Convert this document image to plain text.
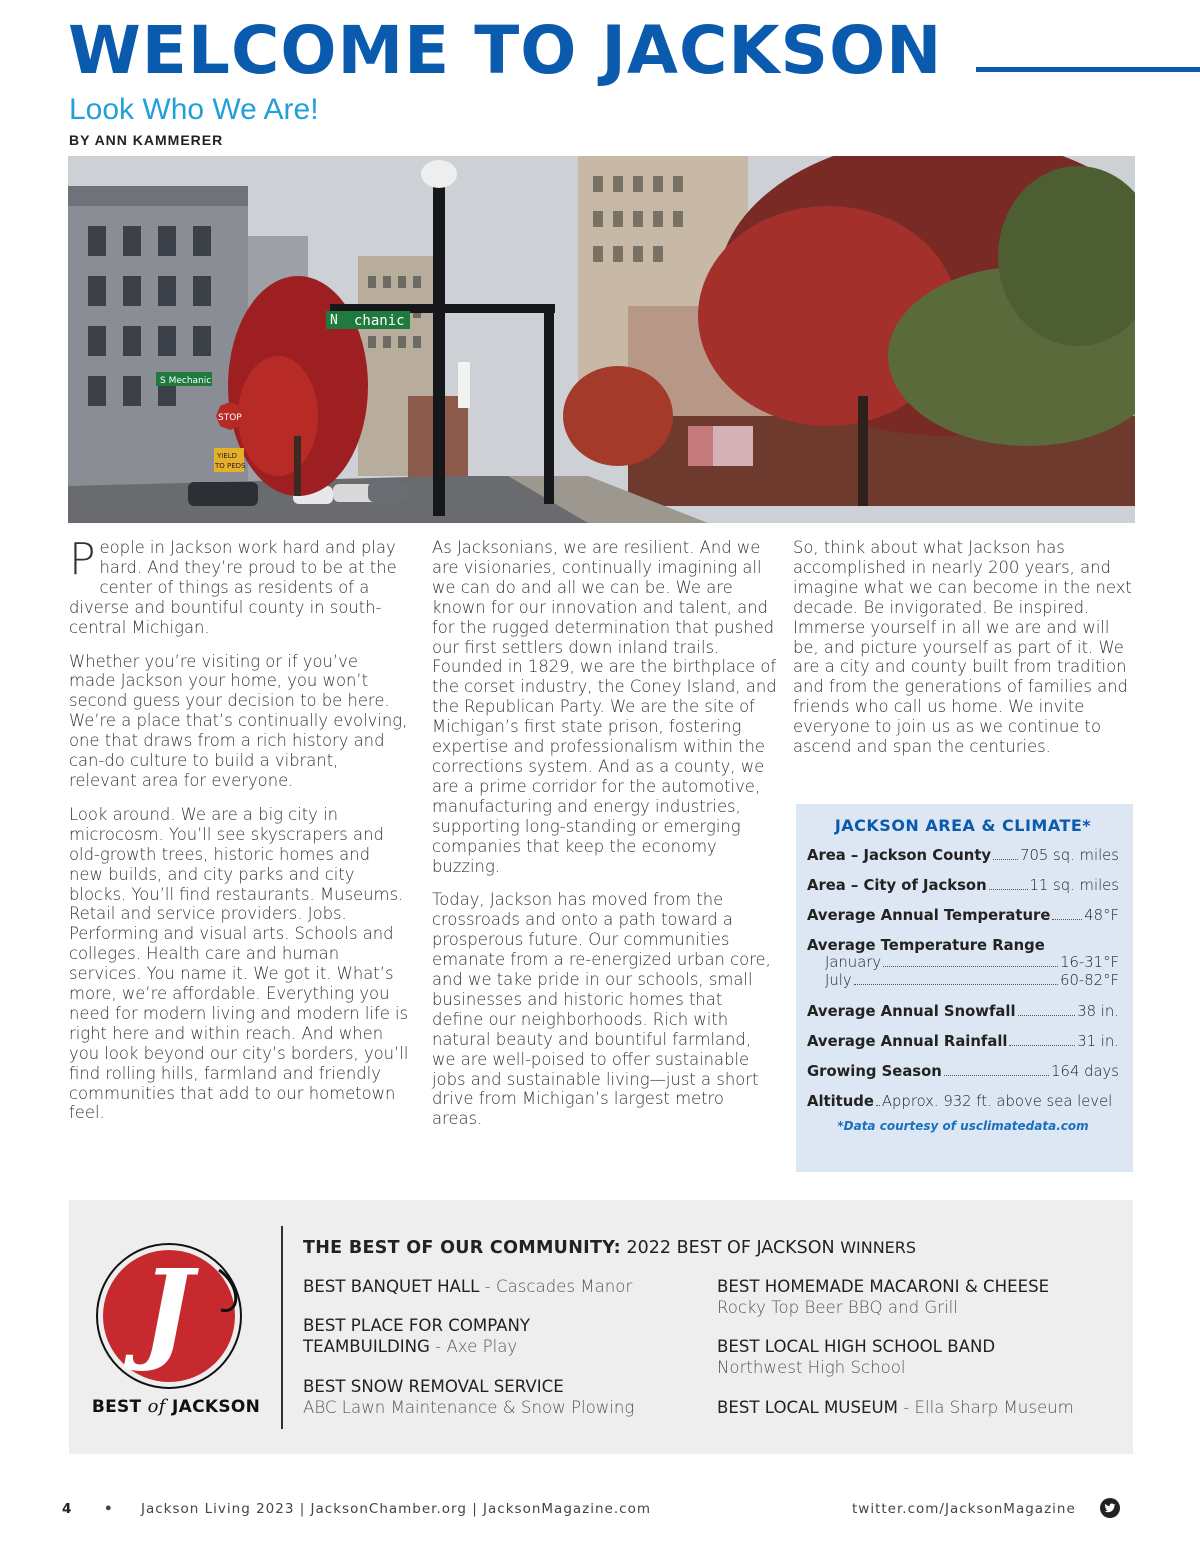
WELCOME TO JACKSON
Look Who We Are!
BY ANN KAMMERER
N chanic
S Mechanic
STOP
YIELD
TO PEDS

People in Jackson work hard and play hard. And they’re proud to be at the center of things as residents of a diverse and bountiful county in south-central Michigan.

Whether you’re visiting or if you’ve made Jackson your home, you won’t second guess your decision to be here. We’re a place that’s continually evolving, one that draws from a rich history and can-do culture to build a vibrant, relevant area for everyone.

Look around. We are a big city in microcosm. You’ll see skyscrapers and old-growth trees, historic homes and new builds, and city parks and city blocks. You’ll find restaurants. Museums. Retail and service providers. Jobs. Performing and visual arts. Schools and colleges. Health care and human services. You name it. We got it. What’s more, we’re affordable. Everything you need for modern living and modern life is right here and within reach. And when you look beyond our city’s borders, you’ll find rolling hills, farmland and friendly communities that add to our hometown feel.

As Jacksonians, we are resilient. And we are visionaries, continually imagining all we can do and all we can be. We are known for our innovation and talent, and for the rugged determination that pushed our first settlers down inland trails. Founded in 1829, we are the birthplace of the corset industry, the Coney Island, and the Republican Party. We are the site of Michigan’s first state prison, fostering expertise and professionalism within the corrections system. And as a county, we are a prime corridor for the automotive, manufacturing and energy industries, supporting long-standing or emerging companies that keep the economy buzzing.

Today, Jackson has moved from the crossroads and onto a path toward a prosperous future. Our communities emanate from a re-energized urban core, and we take pride in our schools, small businesses and historic homes that define our neighborhoods. Rich with natural beauty and bountiful farmland, we are well-poised to offer sustainable jobs and sustainable living—just a short drive from Michigan’s largest metro areas.

So, think about what Jackson has accomplished in nearly 200 years, and imagine what we can become in the next decade. Be invigorated. Be inspired. Immerse yourself in all we are and will be, and picture yourself as part of it. We are a city and county built from tradition and from the generations of families and friends who call us home. We invite everyone to join us as we continue to ascend and span the centuries.

JACKSON AREA & CLIMATE*
Area – Jackson County 705 sq. miles
Area – City of Jackson	11 sq. miles
Average Annual Temperature 48°F
Average Temperature Range
January	16-31°F
July	60-82°F
Average Annual Snowfall	38 in.
Average Annual Rainfall	31 in.
Growing Season	164 days
Altitude Approx. 932 ft. above sea level
*Data courtesy of usclimatedata.com
J
BEST of JACKSON
THE BEST OF OUR COMMUNITY: 2022 BEST OF JACKSON WINNERS
BEST BANQUET HALL - Cascades Manor
BEST PLACE FOR COMPANY TEAMBUILDING - Axe Play
BEST SNOW REMOVAL SERVICE
ABC Lawn Maintenance & Snow Plowing
BEST HOMEMADE MACARONI & CHEESE
Rocky Top Beer BBQ and Grill
BEST LOCAL HIGH SCHOOL BAND
Northwest High School
BEST LOCAL MUSEUM - Ella Sharp Museum
4 • Jackson Living 2023 | JacksonChamber.org | JacksonMagazine.com	twitter.com/JacksonMagazine
